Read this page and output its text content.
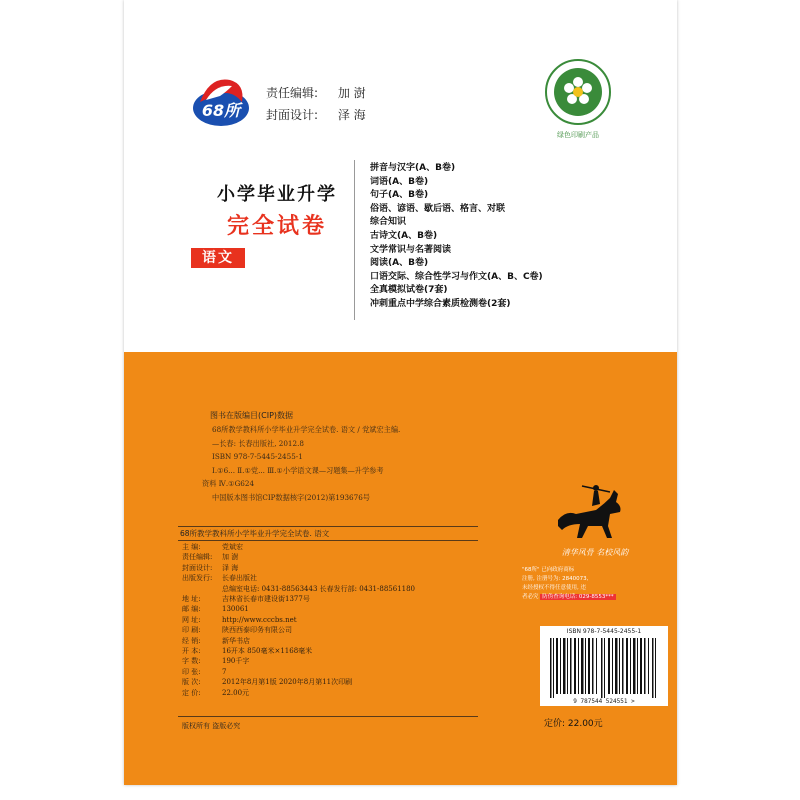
68所
责任编辑: 加 澍
封面设计: 泽 海
绿色印刷产品
小学毕业升学
完全试卷
语文
拼音与汉字(A、B卷)
词语(A、B卷)
句子(A、B卷)
俗语、谚语、歇后语、格言、对联
综合知识
古诗文(A、B卷)
文学常识与名著阅读
阅读(A、B卷)
口语交际、综合性学习与作文(A、B、C卷)
全真模拟试卷(7套)
冲刺重点中学综合素质检测卷(2套)
图书在版编目(CIP)数据
68所教学教科所小学毕业升学完全试卷. 语文 / 党斌宏主编.
—长春: 长春出版社, 2012.8
ISBN 978-7-5445-2455-1
Ⅰ.①6... Ⅱ.①党... Ⅲ.①小学语文课—习题集—升学参考
资料 Ⅳ.①G624
中国版本图书馆CIP数据核字(2012)第193676号
68所教学教科所小学毕业升学完全试卷. 语文
主 编:	党斌宏
责任编辑: 加 澍
封面设计: 泽 海
出版发行: 长春出版社
总编室电话: 0431-88563443 长春发行部: 0431-88561180
地 址:	吉林省长春市建设街1377号
邮 编:	130061
网 址:	http://www.cccbs.net
印 刷:	陕西西泰印务有限公司
经 销:	新华书店
开 本:	16开本 850毫米×1168毫米
字 数:	190千字
印 张:	7
版 次:	2012年8月第1版 2020年8月第11次印刷
定 价:	22.00元
版权所有 盗版必究
清华风骨 名校风韵
"68所" 已向政府商标
注册, 注册号为: 2840073,
未经授权不得任意使用, 违
者必究 防伪查询电话: 029-8553***
ISBN 978-7-5445-2455-1
9 787544 524551 >
定价: 22.00元
